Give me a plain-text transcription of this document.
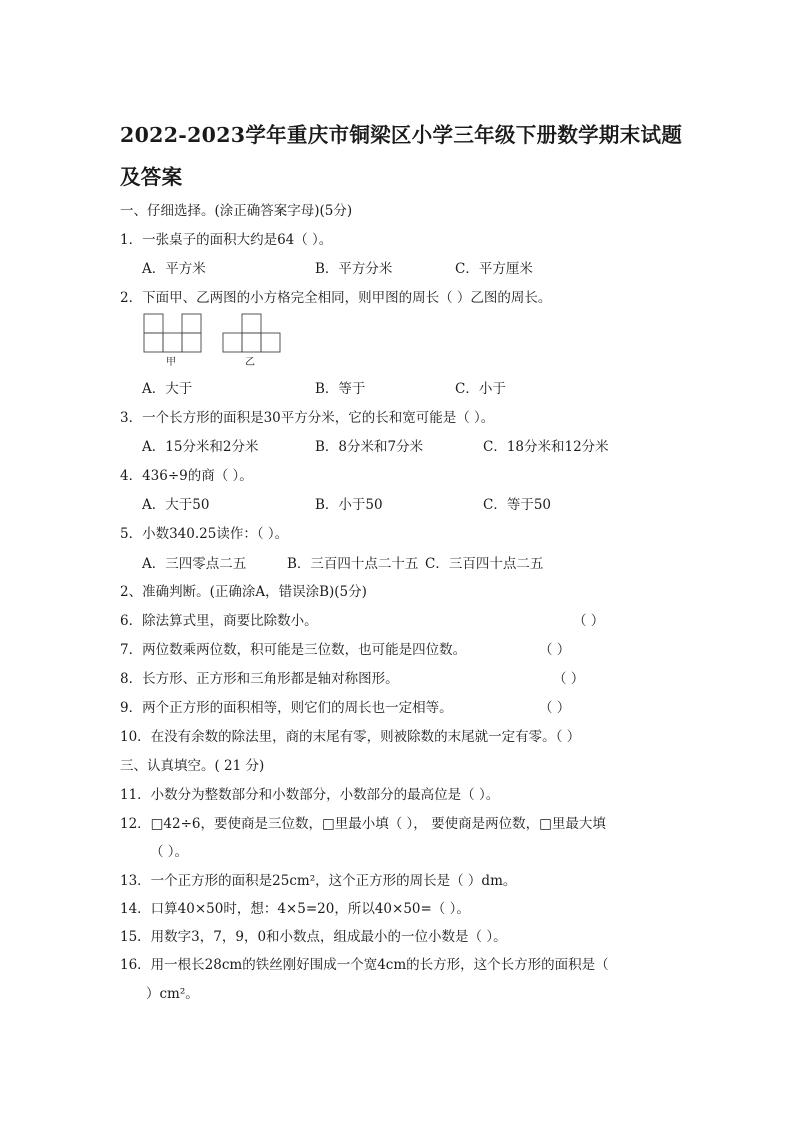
2022-2023学年重庆市铜梁区小学三年级下册数学期末试题
及答案
一、仔细选择。(涂正确答案字母)(5分)
1．一张桌子的面积大约是64（ ）。
A．平方米	B．平方分米	C．平方厘米
2．下面甲、乙两图的小方格完全相同，则甲图的周长（ ）乙图的周长。
甲	乙
A．大于	B．等于	C．小于
3．一个长方形的面积是30平方分米，它的长和宽可能是（ ）。
A．15分米和2分米	B．8分米和7分米	C．18分米和12分米
4．436÷9的商（ ）。
A．大于50	B．小于50	C．等于50
5．小数340.25读作：（ ）。
A．三四零点二五	B．三百四十点二十五 C．三百四十点二五
2、准确判断。(正确涂A，错误涂B)(5分)
6．除法算式里，商要比除数小。	（ ）
7．两位数乘两位数，积可能是三位数，也可能是四位数。	（ ）
8．长方形、正方形和三角形都是轴对称图形。	（ ）
9．两个正方形的面积相等，则它们的周长也一定相等。	（ ）
10．在没有余数的除法里，商的末尾有零，则被除数的末尾就一定有零。（ ）
三、认真填空。( 21 分)
11．小数分为整数部分和小数部分，小数部分的最高位是（ ）。
12．□42÷6，要使商是三位数，□里最小填（ ）， 要使商是两位数，□里最大填
（ ）。
13．一个正方形的面积是25cm²，这个正方形的周长是（ ）dm。
14．口算40×50时，想：4×5=20，所以40×50=（ ）。
15．用数字3，7，9，0和小数点，组成最小的一位小数是（ ）。
16．用一根长28cm的铁丝刚好围成一个宽4cm的长方形，这个长方形的面积是（
）cm²。
